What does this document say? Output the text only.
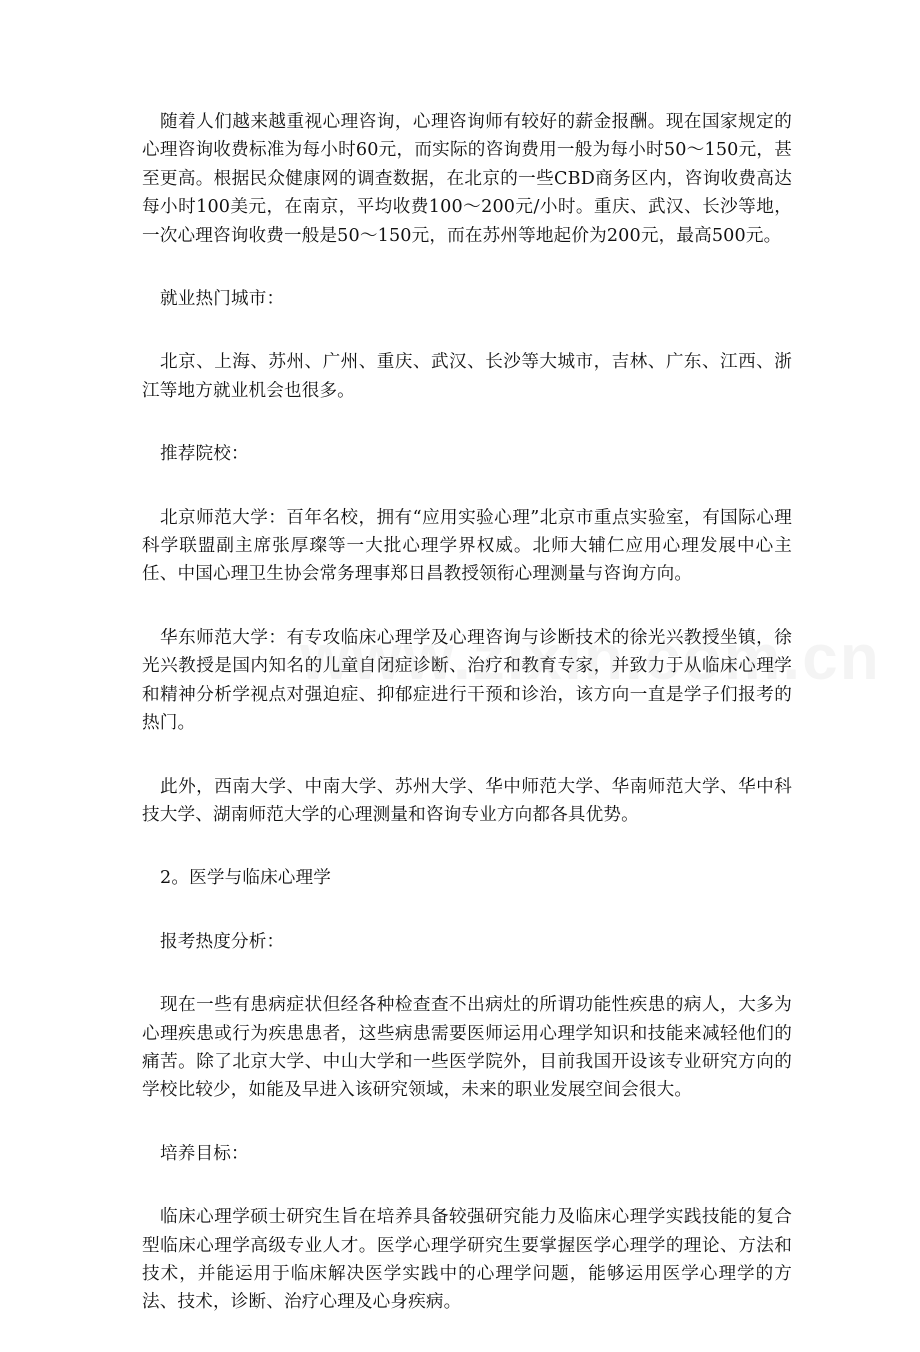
随着人们越来越重视心理咨询，心理咨询师有较好的薪金报酬。现在国家规定的心理咨询收费标准为每小时60元，而实际的咨询费用一般为每小时50～150元，甚至更高。根据民众健康网的调查数据，在北京的一些CBD商务区内，咨询收费高达每小时100美元，在南京，平均收费100～200元/小时。重庆、武汉、长沙等地，一次心理咨询收费一般是50～150元，而在苏州等地起价为200元，最高500元。

就业热门城市：

北京、上海、苏州、广州、重庆、武汉、长沙等大城市，吉林、广东、江西、浙江等地方就业机会也很多。

推荐院校：

北京师范大学：百年名校，拥有“应用实验心理”北京市重点实验室，有国际心理科学联盟副主席张厚璨等一大批心理学界权威。北师大辅仁应用心理发展中心主任、中国心理卫生协会常务理事郑日昌教授领衔心理测量与咨询方向。

华东师范大学：有专攻临床心理学及心理咨询与诊断技术的徐光兴教授坐镇，徐光兴教授是国内知名的儿童自闭症诊断、治疗和教育专家，并致力于从临床心理学和精神分析学视点对强迫症、抑郁症进行干预和诊治，该方向一直是学子们报考的热门。

此外，西南大学、中南大学、苏州大学、华中师范大学、华南师范大学、华中科技大学、湖南师范大学的心理测量和咨询专业方向都各具优势。

2。医学与临床心理学

报考热度分析：

现在一些有患病症状但经各种检查查不出病灶的所谓功能性疾患的病人，大多为心理疾患或行为疾患患者，这些病患需要医师运用心理学知识和技能来减轻他们的痛苦。除了北京大学、中山大学和一些医学院外，目前我国开设该专业研究方向的学校比较少，如能及早进入该研究领域，未来的职业发展空间会很大。

培养目标：

临床心理学硕士研究生旨在培养具备较强研究能力及临床心理学实践技能的复合型临床心理学高级专业人才。医学心理学研究生要掌握医学心理学的理论、方法和技术，并能运用于临床解决医学实践中的心理学问题，能够运用医学心理学的方法、技术，诊断、治疗心理及心身疾病。
